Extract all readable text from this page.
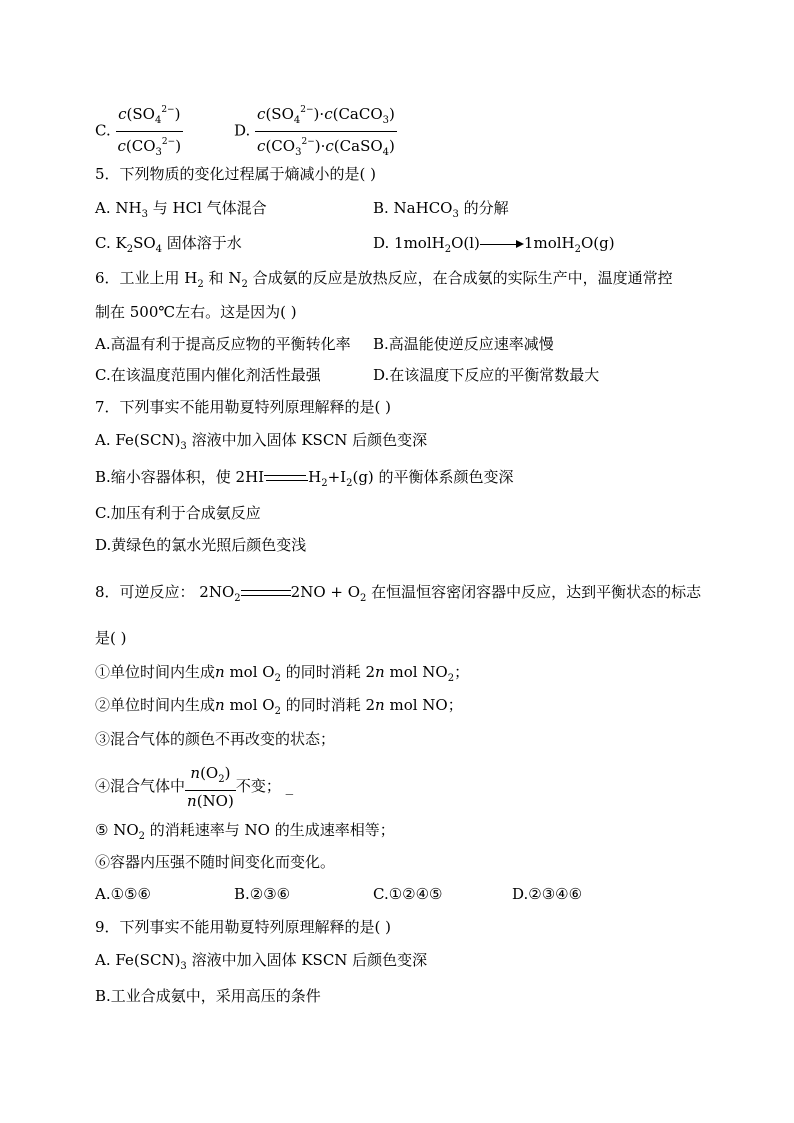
C. $\frac{c(SO_4^{2-})}{c(CO_3^{2-})}$	D. $\frac{c(SO_4^{2-})\cdot c(CaCO_3)}{c(CO_3^{2-})\cdot c(CaSO_4)}$
5．下列物质的变化过程属于熵减小的是( )
A. $NH_3$ 与 HCl 气体混合	B. NaHCO$_3$ 的分解
C. $K_2SO_4$ 固体溶于水	D. 1molH$_2$O(l)	1molH$_2$O(g)
6．工业上用 $H_2$ 和 $N_2$ 合成氨的反应是放热反应，在合成氨的实际生产中，温度通常控
制在 500℃左右。这是因为( )
A.高温有利于提高反应物的平衡转化率 B.高温能使逆反应速率减慢
C.在该温度范围内催化剂活性最强	D.在该温度下反应的平衡常数最大
7．下列事实不能用勒夏特列原理解释的是( )
A. $Fe(SCN)_3$ 溶液中加入固体 KSCN 后颜色变深
B.缩小容器体积，使 2HI	$H_2+I_2(g)$ 的平衡体系颜色变深
C.加压有利于合成氨反应
D.黄绿色的氯水光照后颜色变浅
8．可逆反应： $2NO_2$	$2NO + O_2$ 在恒温恒容密闭容器中反应，达到平衡状态的标志
是( )
①单位时间内生成n mol $O_2$ 的同时消耗 2n mol $NO_2$；
②单位时间内生成n mol $O_2$ 的同时消耗 2n mol NO；
③混合气体的颜色不再改变的状态；
④混合气体中 $\frac{n(O_2)}{n(NO)}$ 不变； _
⑤ $NO_2$ 的消耗速率与 NO 的生成速率相等；
⑥容器内压强不随时间变化而变化。
A.①⑤⑥	B.②③⑥	C.①②④⑤	D.②③④⑥
9．下列事实不能用勒夏特列原理解释的是( )
A. $Fe(SCN)_3$ 溶液中加入固体 KSCN 后颜色变深
B.工业合成氨中，采用高压的条件
